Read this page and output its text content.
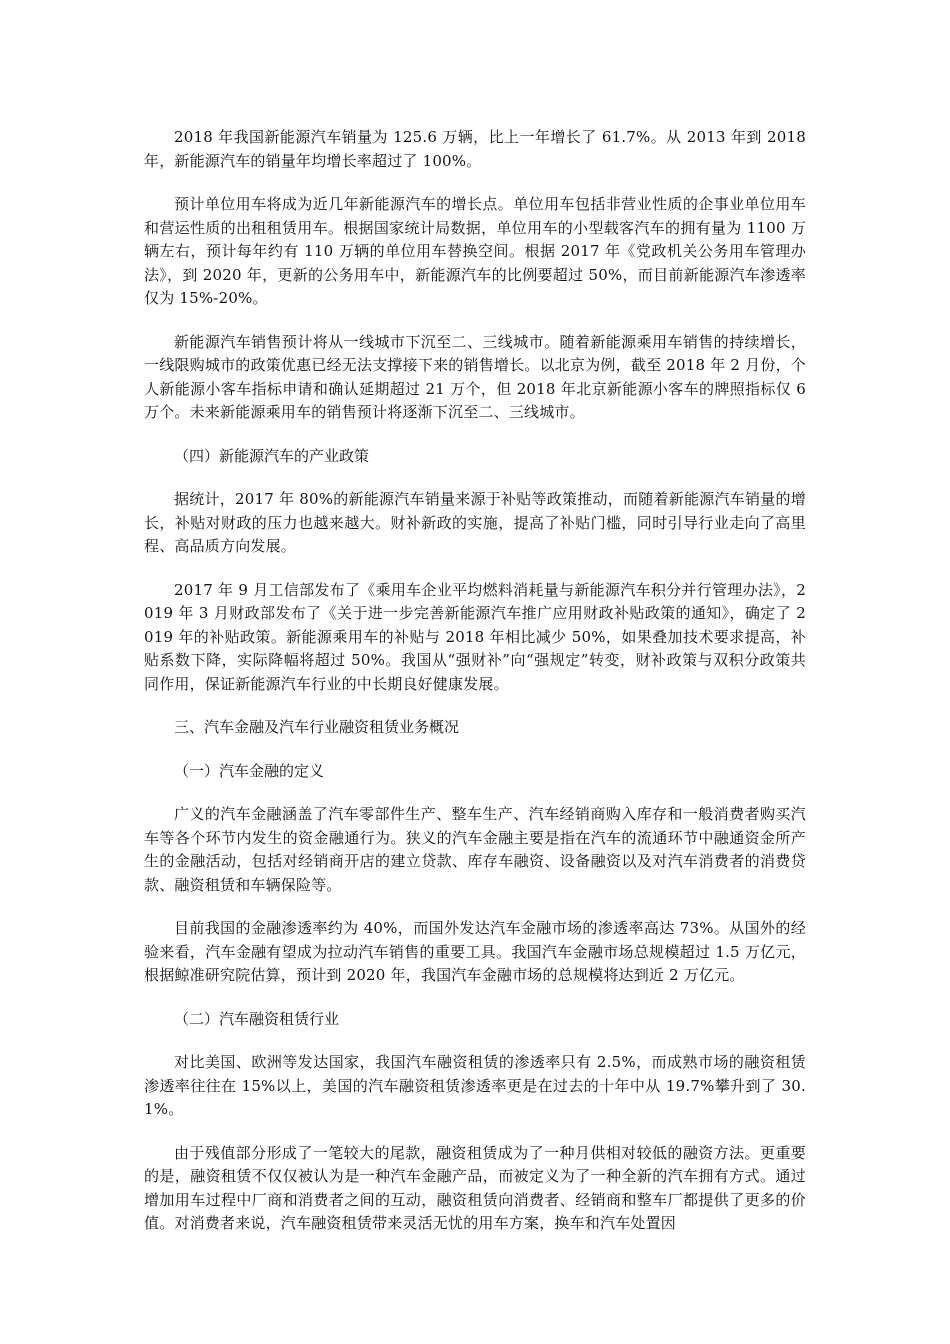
2018 年我国新能源汽车销量为 125.6 万辆，比上一年增长了 61.7%。从 2013 年到 2018 年，新能源汽车的销量年均增长率超过了 100%。

预计单位用车将成为近几年新能源汽车的增长点。单位用车包括非营业性质的企事业单位用车和营运性质的出租租赁用车。根据国家统计局数据，单位用车的小型载客汽车的拥有量为 1100 万辆左右，预计每年约有 110 万辆的单位用车替换空间。根据 2017 年《党政机关公务用车管理办法》，到 2020 年，更新的公务用车中，新能源汽车的比例要超过 50%，而目前新能源汽车渗透率仅为 15%-20%。

新能源汽车销售预计将从一线城市下沉至二、三线城市。随着新能源乘用车销售的持续增长，一线限购城市的政策优惠已经无法支撑接下来的销售增长。以北京为例，截至 2018 年 2 月份，个人新能源小客车指标申请和确认延期超过 21 万个，但 2018 年北京新能源小客车的牌照指标仅 6 万个。未来新能源乘用车的销售预计将逐渐下沉至二、三线城市。

（四）新能源汽车的产业政策

据统计，2017 年 80%的新能源汽车销量来源于补贴等政策推动，而随着新能源汽车销量的增长，补贴对财政的压力也越来越大。财补新政的实施，提高了补贴门槛，同时引导行业走向了高里程、高品质方向发展。

2017 年 9 月工信部发布了《乘用车企业平均燃料消耗量与新能源汽车积分并行管理办法》，2019 年 3 月财政部发布了《关于进一步完善新能源汽车推广应用财政补贴政策的通知》，确定了 2019 年的补贴政策。新能源乘用车的补贴与 2018 年相比减少 50%，如果叠加技术要求提高，补贴系数下降，实际降幅将超过 50%。我国从“强财补”向“强规定”转变，财补政策与双积分政策共同作用，保证新能源汽车行业的中长期良好健康发展。

三、汽车金融及汽车行业融资租赁业务概况

（一）汽车金融的定义

广义的汽车金融涵盖了汽车零部件生产、整车生产、汽车经销商购入库存和一般消费者购买汽车等各个环节内发生的资金融通行为。狭义的汽车金融主要是指在汽车的流通环节中融通资金所产生的金融活动，包括对经销商开店的建立贷款、库存车融资、设备融资以及对汽车消费者的消费贷款、融资租赁和车辆保险等。

目前我国的金融渗透率约为 40%，而国外发达汽车金融市场的渗透率高达 73%。从国外的经验来看，汽车金融有望成为拉动汽车销售的重要工具。我国汽车金融市场总规模超过 1.5 万亿元，根据鲸准研究院估算，预计到 2020 年，我国汽车金融市场的总规模将达到近 2 万亿元。

（二）汽车融资租赁行业

对比美国、欧洲等发达国家，我国汽车融资租赁的渗透率只有 2.5%，而成熟市场的融资租赁渗透率往往在 15%以上，美国的汽车融资租赁渗透率更是在过去的十年中从 19.7%攀升到了 30.1%。

由于残值部分形成了一笔较大的尾款，融资租赁成为了一种月供相对较低的融资方法。更重要的是，融资租赁不仅仅被认为是一种汽车金融产品，而被定义为了一种全新的汽车拥有方式。通过增加用车过程中厂商和消费者之间的互动，融资租赁向消费者、经销商和整车厂都提供了更多的价值。对消费者来说，汽车融资租赁带来灵活无忧的用车方案，换车和汽车处置因
